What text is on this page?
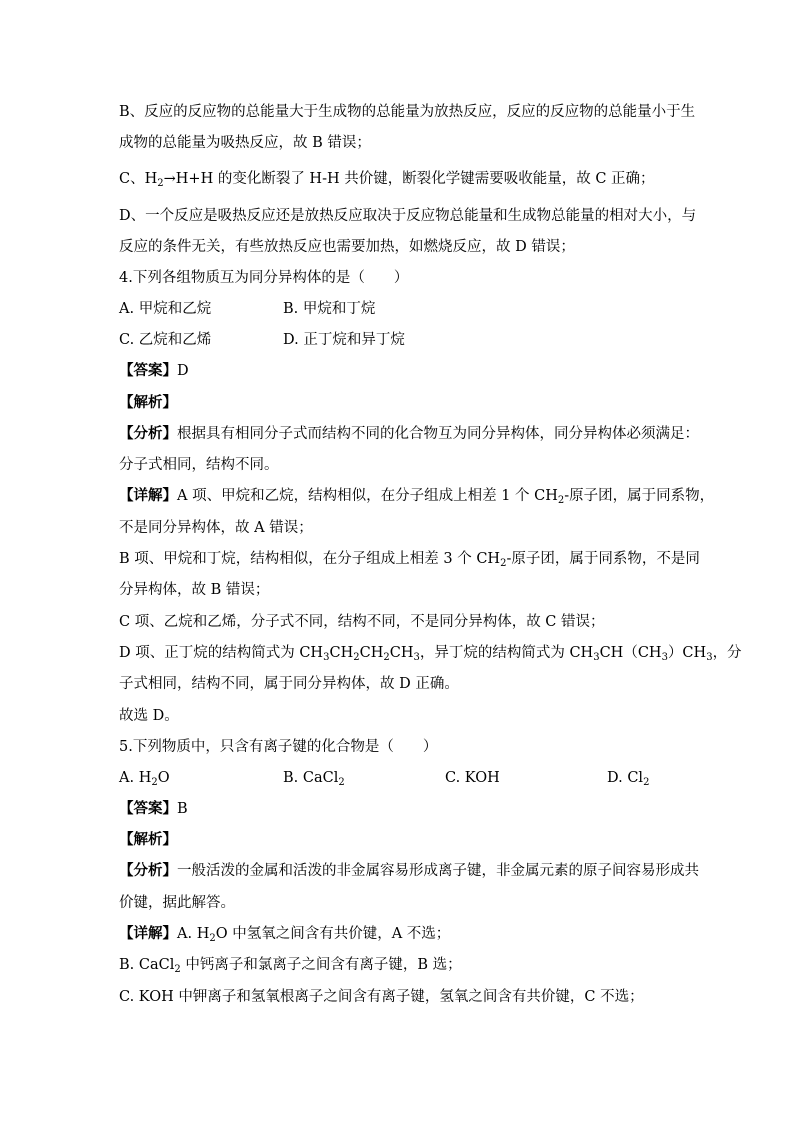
B、反应的反应物的总能量大于生成物的总能量为放热反应，反应的反应物的总能量小于生
成物的总能量为吸热反应，故 B 错误；
C、$H_2\to H+H$ 的变化断裂了 H-H 共价键，断裂化学键需要吸收能量，故 C 正确；
D、一个反应是吸热反应还是放热反应取决于反应物总能量和生成物总能量的相对大小，与
反应的条件无关，有些放热反应也需要加热，如燃烧反应，故 D 错误；
4.下列各组物质互为同分异构体的是（　　）
A. 甲烷和乙烷	B. 甲烷和丁烷
C. 乙烷和乙烯	D. 正丁烷和异丁烷
【答案】D
【解析】
【分析】根据具有相同分子式而结构不同的化合物互为同分异构体，同分异构体必须满足：
分子式相同，结构不同。
【详解】A 项、甲烷和乙烷，结构相似，在分子组成上相差 1 个 $CH_2-$原子团，属于同系物，
不是同分异构体，故 A 错误；
B 项、甲烷和丁烷，结构相似，在分子组成上相差 3 个 $CH_2-$原子团，属于同系物，不是同
分异构体，故 B 错误；
C 项、乙烷和乙烯，分子式不同，结构不同，不是同分异构体，故 C 错误；
D 项、正丁烷的结构简式为 $CH_3CH_2CH_2CH_3$，异丁烷的结构简式为 $CH_3CH(CH_3)CH_3$，分
子式相同，结构不同，属于同分异构体，故 D 正确。
故选 D。
5.下列物质中，只含有离子键的化合物是（　　）
A. $H_2O$	B. CaCl$_2$	C. KOH	D. $Cl_2$
【答案】B
【解析】
【分析】一般活泼的金属和活泼的非金属容易形成离子键，非金属元素的原子间容易形成共
价键，据此解答。
【详解】A. $H_2O$ 中氢氧之间含有共价键，A 不选；
B. CaCl$_2$ 中钙离子和氯离子之间含有离子键，B 选；
C. KOH 中钾离子和氢氧根离子之间含有离子键，氢氧之间含有共价键，C 不选；
